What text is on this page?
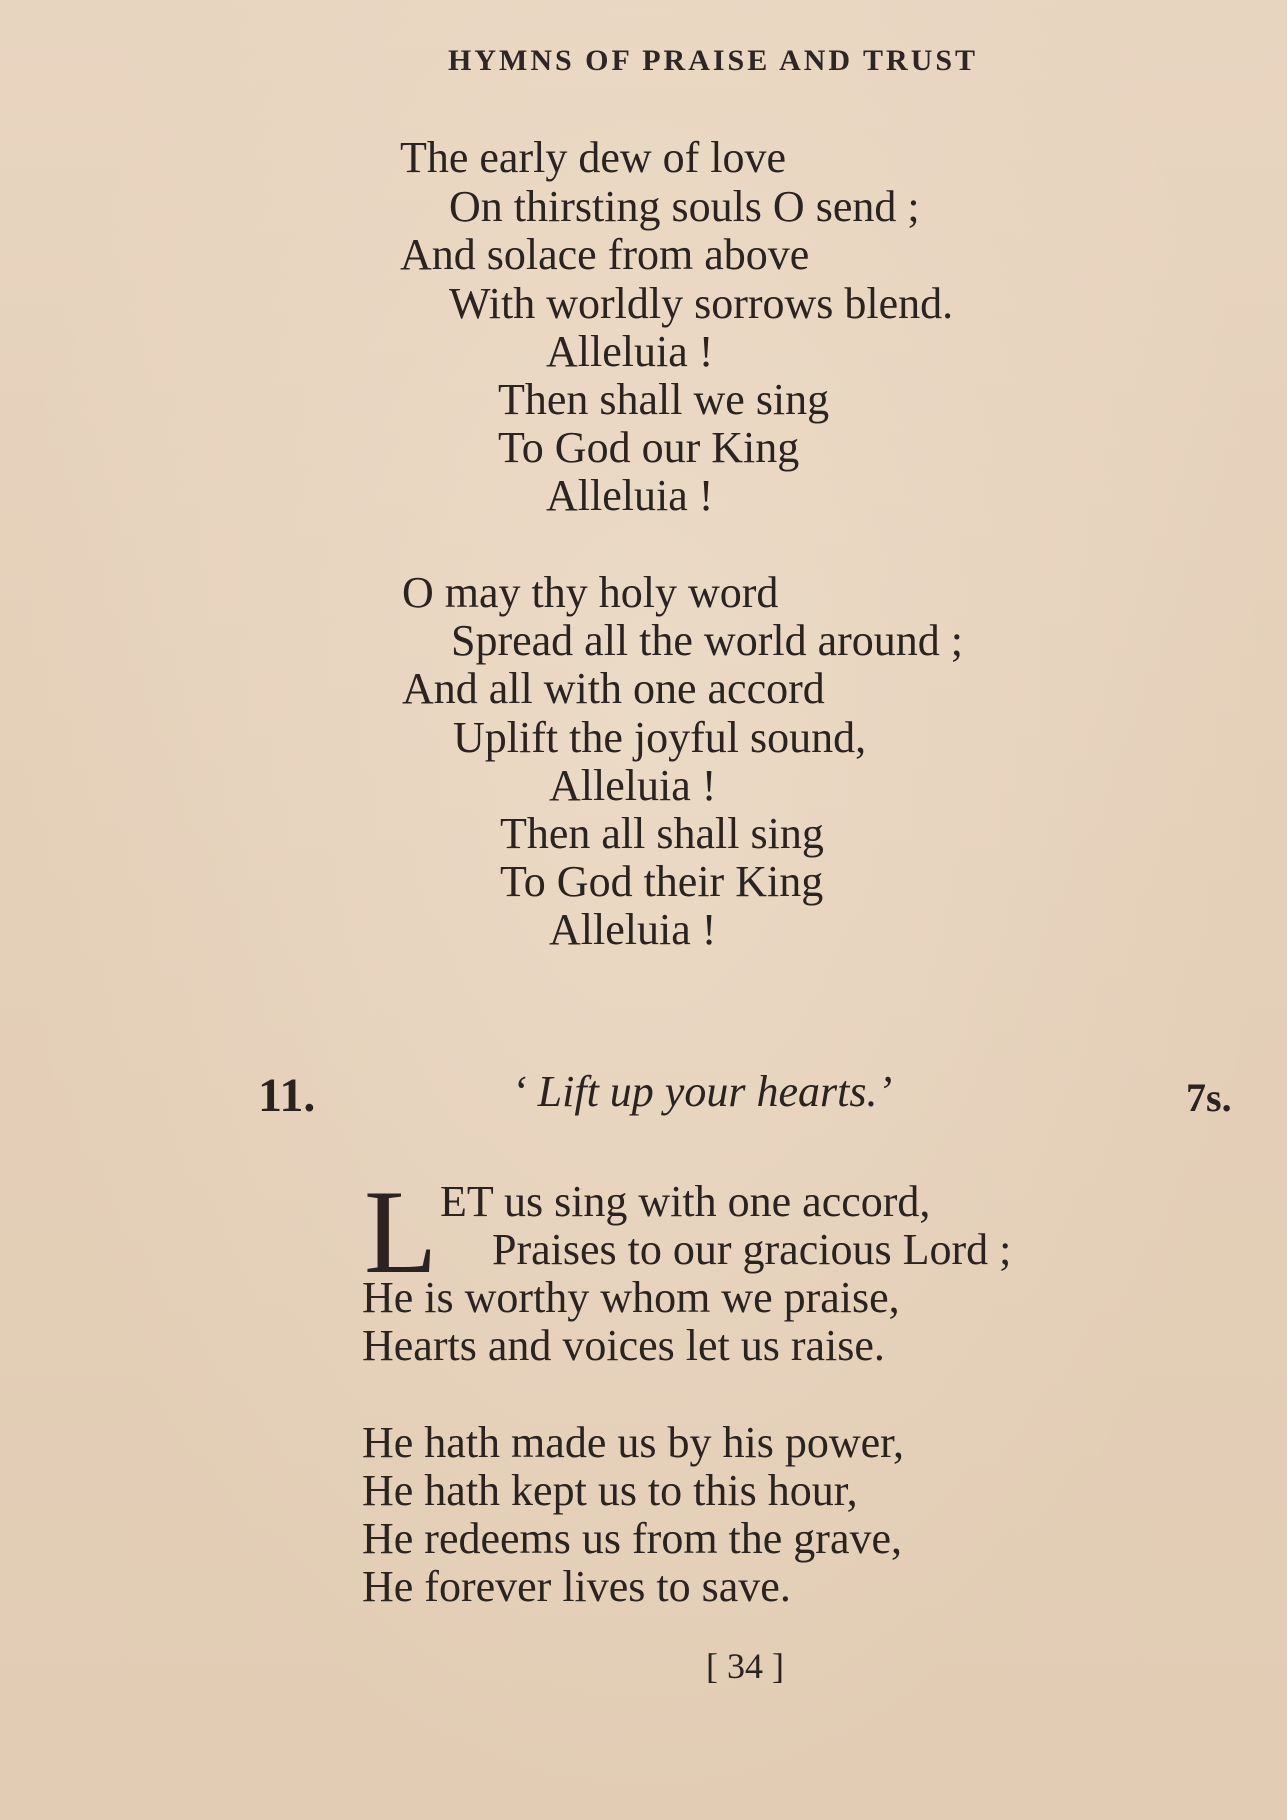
HYMNS OF PRAISE AND TRUST
The early dew of love
On thirsting souls O send ;
And solace from above
With worldly sorrows blend.
Alleluia !
Then shall we sing
To God our King
Alleluia !
O may thy holy word
Spread all the world around ;
And all with one accord
Uplift the joyful sound,
Alleluia !
Then all shall sing
To God their King
Alleluia !
11.	‘ Lift up your hearts.’	7s.
L ET us sing with one accord,
Praises to our gracious Lord ;
He is worthy whom we praise,
Hearts and voices let us raise.
He hath made us by his power,
He hath kept us to this hour,
He redeems us from the grave,
He forever lives to save.
[ 34 ]
